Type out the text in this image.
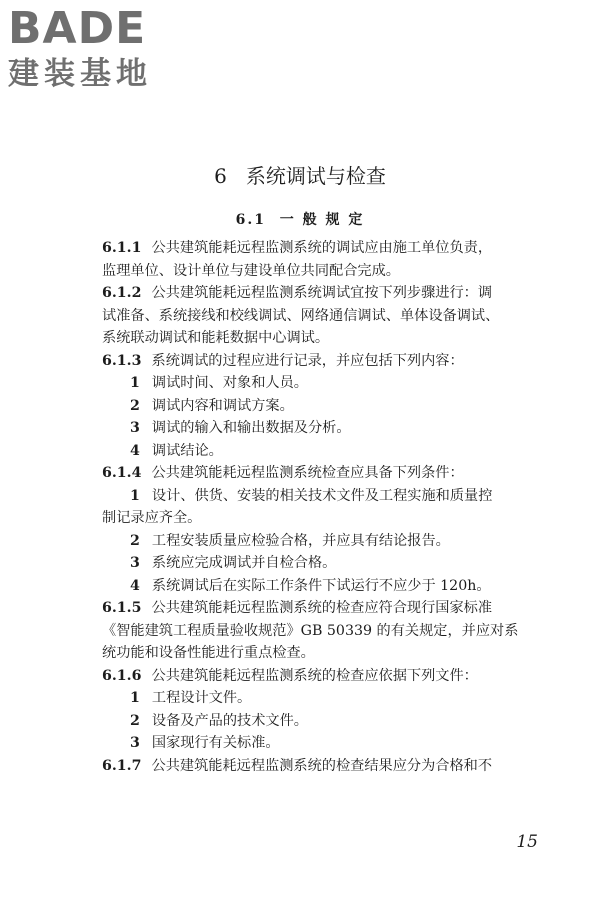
BADE
建装基地
6   系统调试与检查
6.1  一 般 规 定
6.1.1 公共建筑能耗远程监测系统的调试应由施工单位负责，
监理单位、设计单位与建设单位共同配合完成。
6.1.2 公共建筑能耗远程监测系统调试宜按下列步骤进行：调
试准备、系统接线和校线调试、网络通信调试、单体设备调试、
系统联动调试和能耗数据中心调试。
6.1.3 系统调试的过程应进行记录，并应包括下列内容：
1 调试时间、对象和人员。
2 调试内容和调试方案。
3 调试的输入和输出数据及分析。
4 调试结论。
6.1.4 公共建筑能耗远程监测系统检查应具备下列条件：
1 设计、供货、安装的相关技术文件及工程实施和质量控
制记录应齐全。
2 工程安装质量应检验合格，并应具有结论报告。
3 系统应完成调试并自检合格。
4 系统调试后在实际工作条件下试运行不应少于 120h。
6.1.5 公共建筑能耗远程监测系统的检查应符合现行国家标准
《智能建筑工程质量验收规范》GB 50339 的有关规定，并应对系
统功能和设备性能进行重点检查。
6.1.6 公共建筑能耗远程监测系统的检查应依据下列文件：
1 工程设计文件。
2 设备及产品的技术文件。
3 国家现行有关标准。
6.1.7 公共建筑能耗远程监测系统的检查结果应分为合格和不
15
